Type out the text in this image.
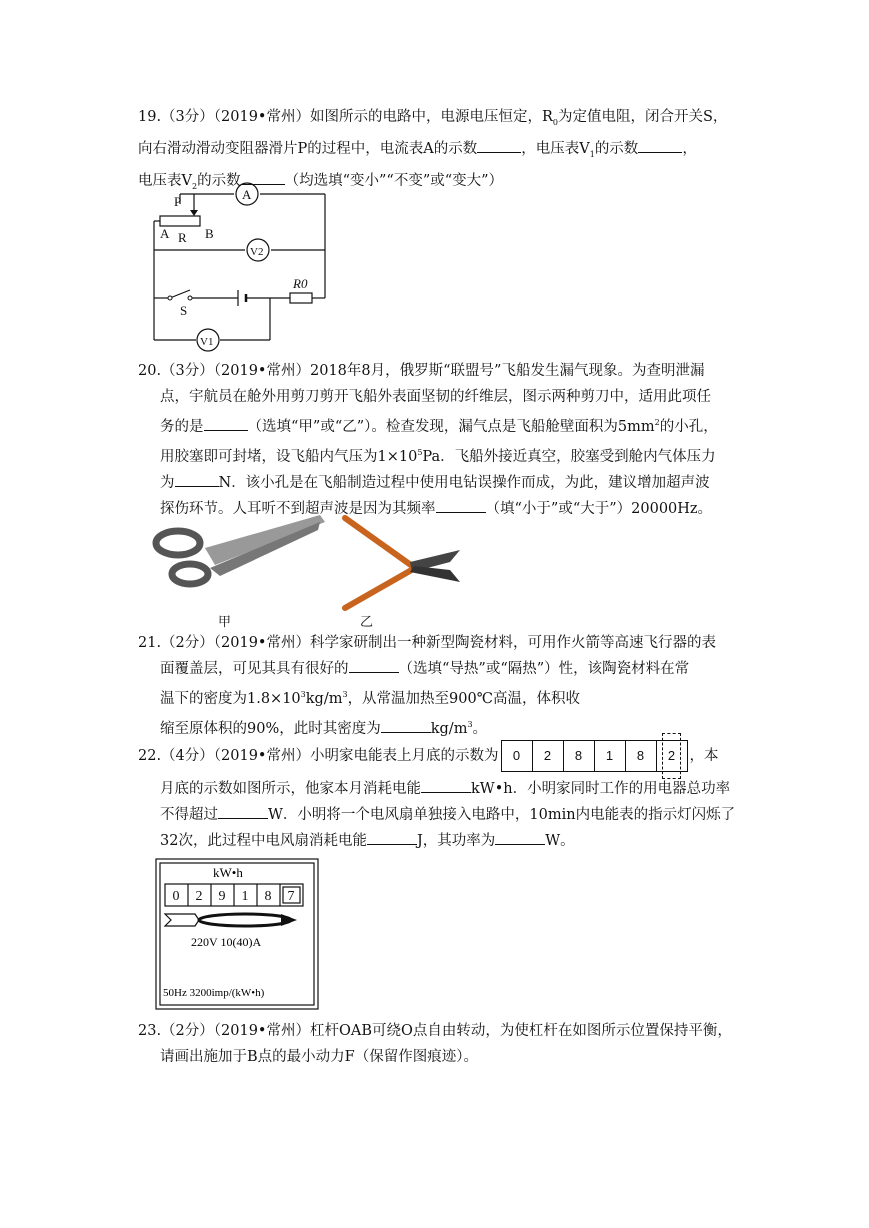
19.（3分）（2019•常州）如图所示的电路中，电源电压恒定，$R_0$为定值电阻，闭合开关S，

向右滑动滑动变阻器滑片P的过程中，电流表A的示数	，电压表$V_1$的示数	，

电压表$V_2$的示数	（均选填“变小”“不变”或“变大”）

A
V2
V1
P
R
A	B
S
R0

20.（3分）（2019•常州）2018年8月，俄罗斯“联盟号”飞船发生漏气现象。为查明泄漏

点，宇航员在舱外用剪刀剪开飞船外表面坚韧的纤维层，图示两种剪刀中，适用此项任

务的是	（选填“甲”或“乙”）。检查发现，漏气点是飞船舱壁面积为$5mm^2$的小孔，

用胶塞即可封堵，设飞船内气压为$1\times 10^5Pa$．飞船外接近真空，胶塞受到舱内气体压力

为	N．该小孔是在飞船制造过程中使用电钻误操作而成，为此，建议增加超声波

探伤环节。人耳听不到超声波是因为其频率	（填“小于”或“大于”）20000Hz。

甲	乙

21.（2分）（2019•常州）科学家研制出一种新型陶瓷材料，可用作火箭等高速飞行器的表

面覆盖层，可见其具有很好的	（选填“导热”或“隔热”）性，该陶瓷材料在常

温下的密度为$1.8\times 10^3kg/m^3$，从常温加热至900℃高温，体积收

缩至原体积的90%，此时其密度为	$kg/m^3$。

22.（4分）（2019•常州）小明家电能表上月底的示数为	0	2	8	1	8	2 ，本

月底的示数如图所示，他家本月消耗电能	kW•h．小明家同时工作的用电器总功率

不得超过	W．小明将一个电风扇单独接入电路中，10min内电能表的指示灯闪烁了

32次，此过程中电风扇消耗电能	J，其功率为	W。

kW•h
0 2 9 1 8 7
220V 10(40)A
50Hz 3200imp/(kW•h)

23.（2分）（2019•常州）杠杆OAB可绕O点自由转动，为使杠杆在如图所示位置保持平衡，

请画出施加于B点的最小动力F（保留作图痕迹）。
